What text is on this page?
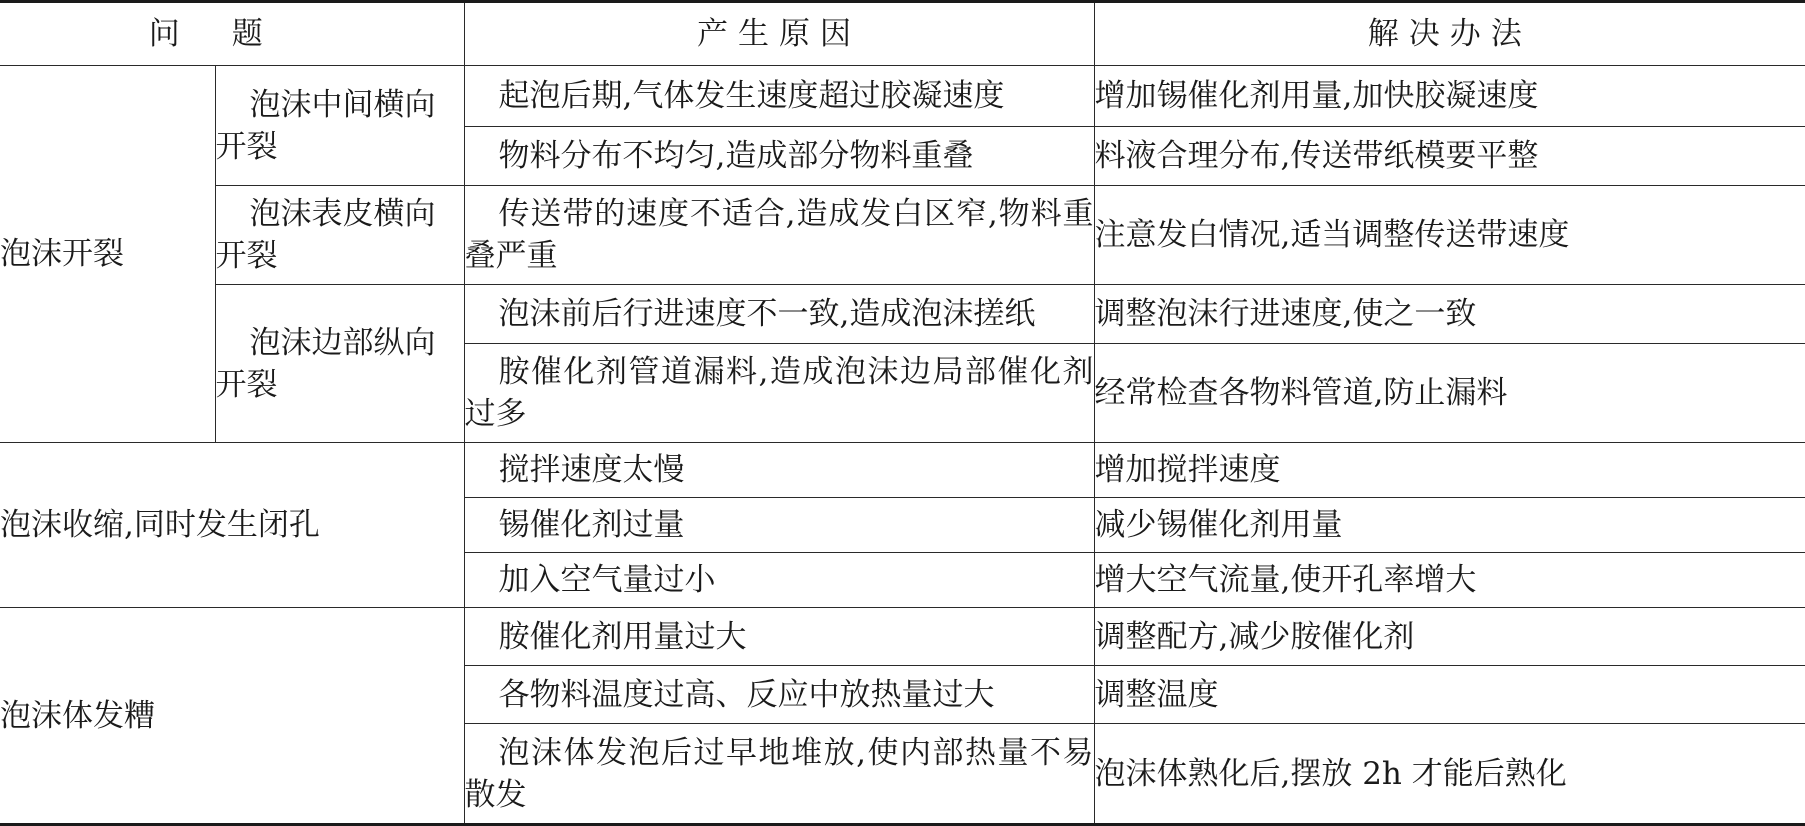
问题		产生原因	解决办法
泡沫开裂	泡沫中间横向开裂	起泡后期,气体发生速度超过胶凝速度	增加锡催化剂用量,加快胶凝速度
		物料分布不均匀,造成部分物料重叠	料液合理分布,传送带纸模要平整
	泡沫表皮横向开裂	传送带的速度不适合,造成发白区窄,物料重叠严重	注意发白情况,适当调整传送带速度
	泡沫边部纵向开裂	泡沫前后行进速度不一致,造成泡沫搓纸	调整泡沫行进速度,使之一致
		胺催化剂管道漏料,造成泡沫边局部催化剂过多	经常检查各物料管道,防止漏料
泡沫收缩,同时发生闭孔		搅拌速度太慢	增加搅拌速度
		锡催化剂过量	减少锡催化剂用量
		加入空气量过小	增大空气流量,使开孔率增大
泡沫体发糟		胺催化剂用量过大	调整配方,减少胺催化剂
		各物料温度过高、反应中放热量过大	调整温度
		泡沫体发泡后过早地堆放,使内部热量不易散发	泡沫体熟化后,摆放 2h 才能后熟化
